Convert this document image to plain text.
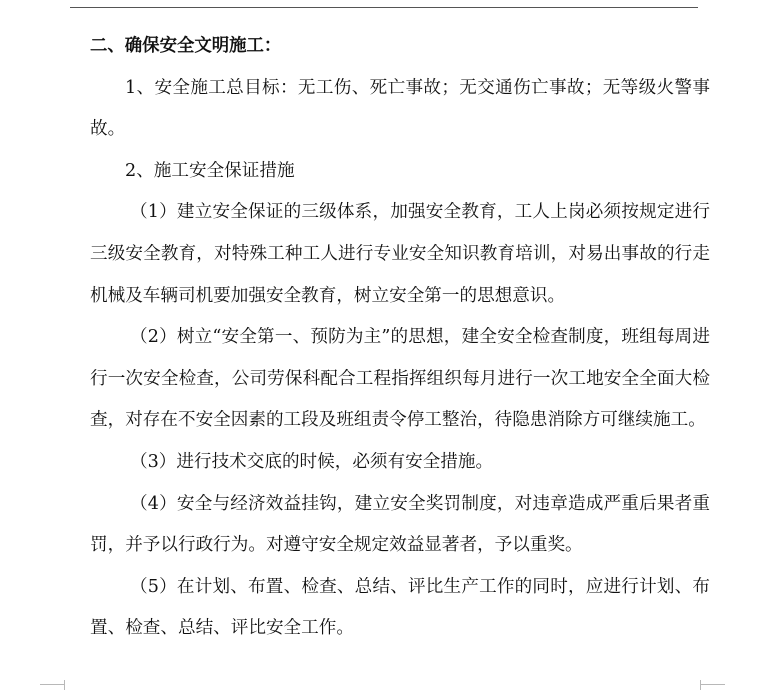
二、确保安全文明施工：

1、安全施工总目标：无工伤、死亡事故；无交通伤亡事故；无等级火警事故。

2、施工安全保证措施

（1）建立安全保证的三级体系，加强安全教育，工人上岗必须按规定进行三级安全教育，对特殊工种工人进行专业安全知识教育培训，对易出事故的行走机械及车辆司机要加强安全教育，树立安全第一的思想意识。

（2）树立“安全第一、预防为主”的思想，建全安全检查制度，班组每周进行一次安全检查，公司劳保科配合工程指挥组织每月进行一次工地安全全面大检查，对存在不安全因素的工段及班组责令停工整治，待隐患消除方可继续施工。

（3）进行技术交底的时候，必须有安全措施。

（4）安全与经济效益挂钩，建立安全奖罚制度，对违章造成严重后果者重罚，并予以行政行为。对遵守安全规定效益显著者，予以重奖。

（5）在计划、布置、检查、总结、评比生产工作的同时，应进行计划、布置、检查、总结、评比安全工作。
